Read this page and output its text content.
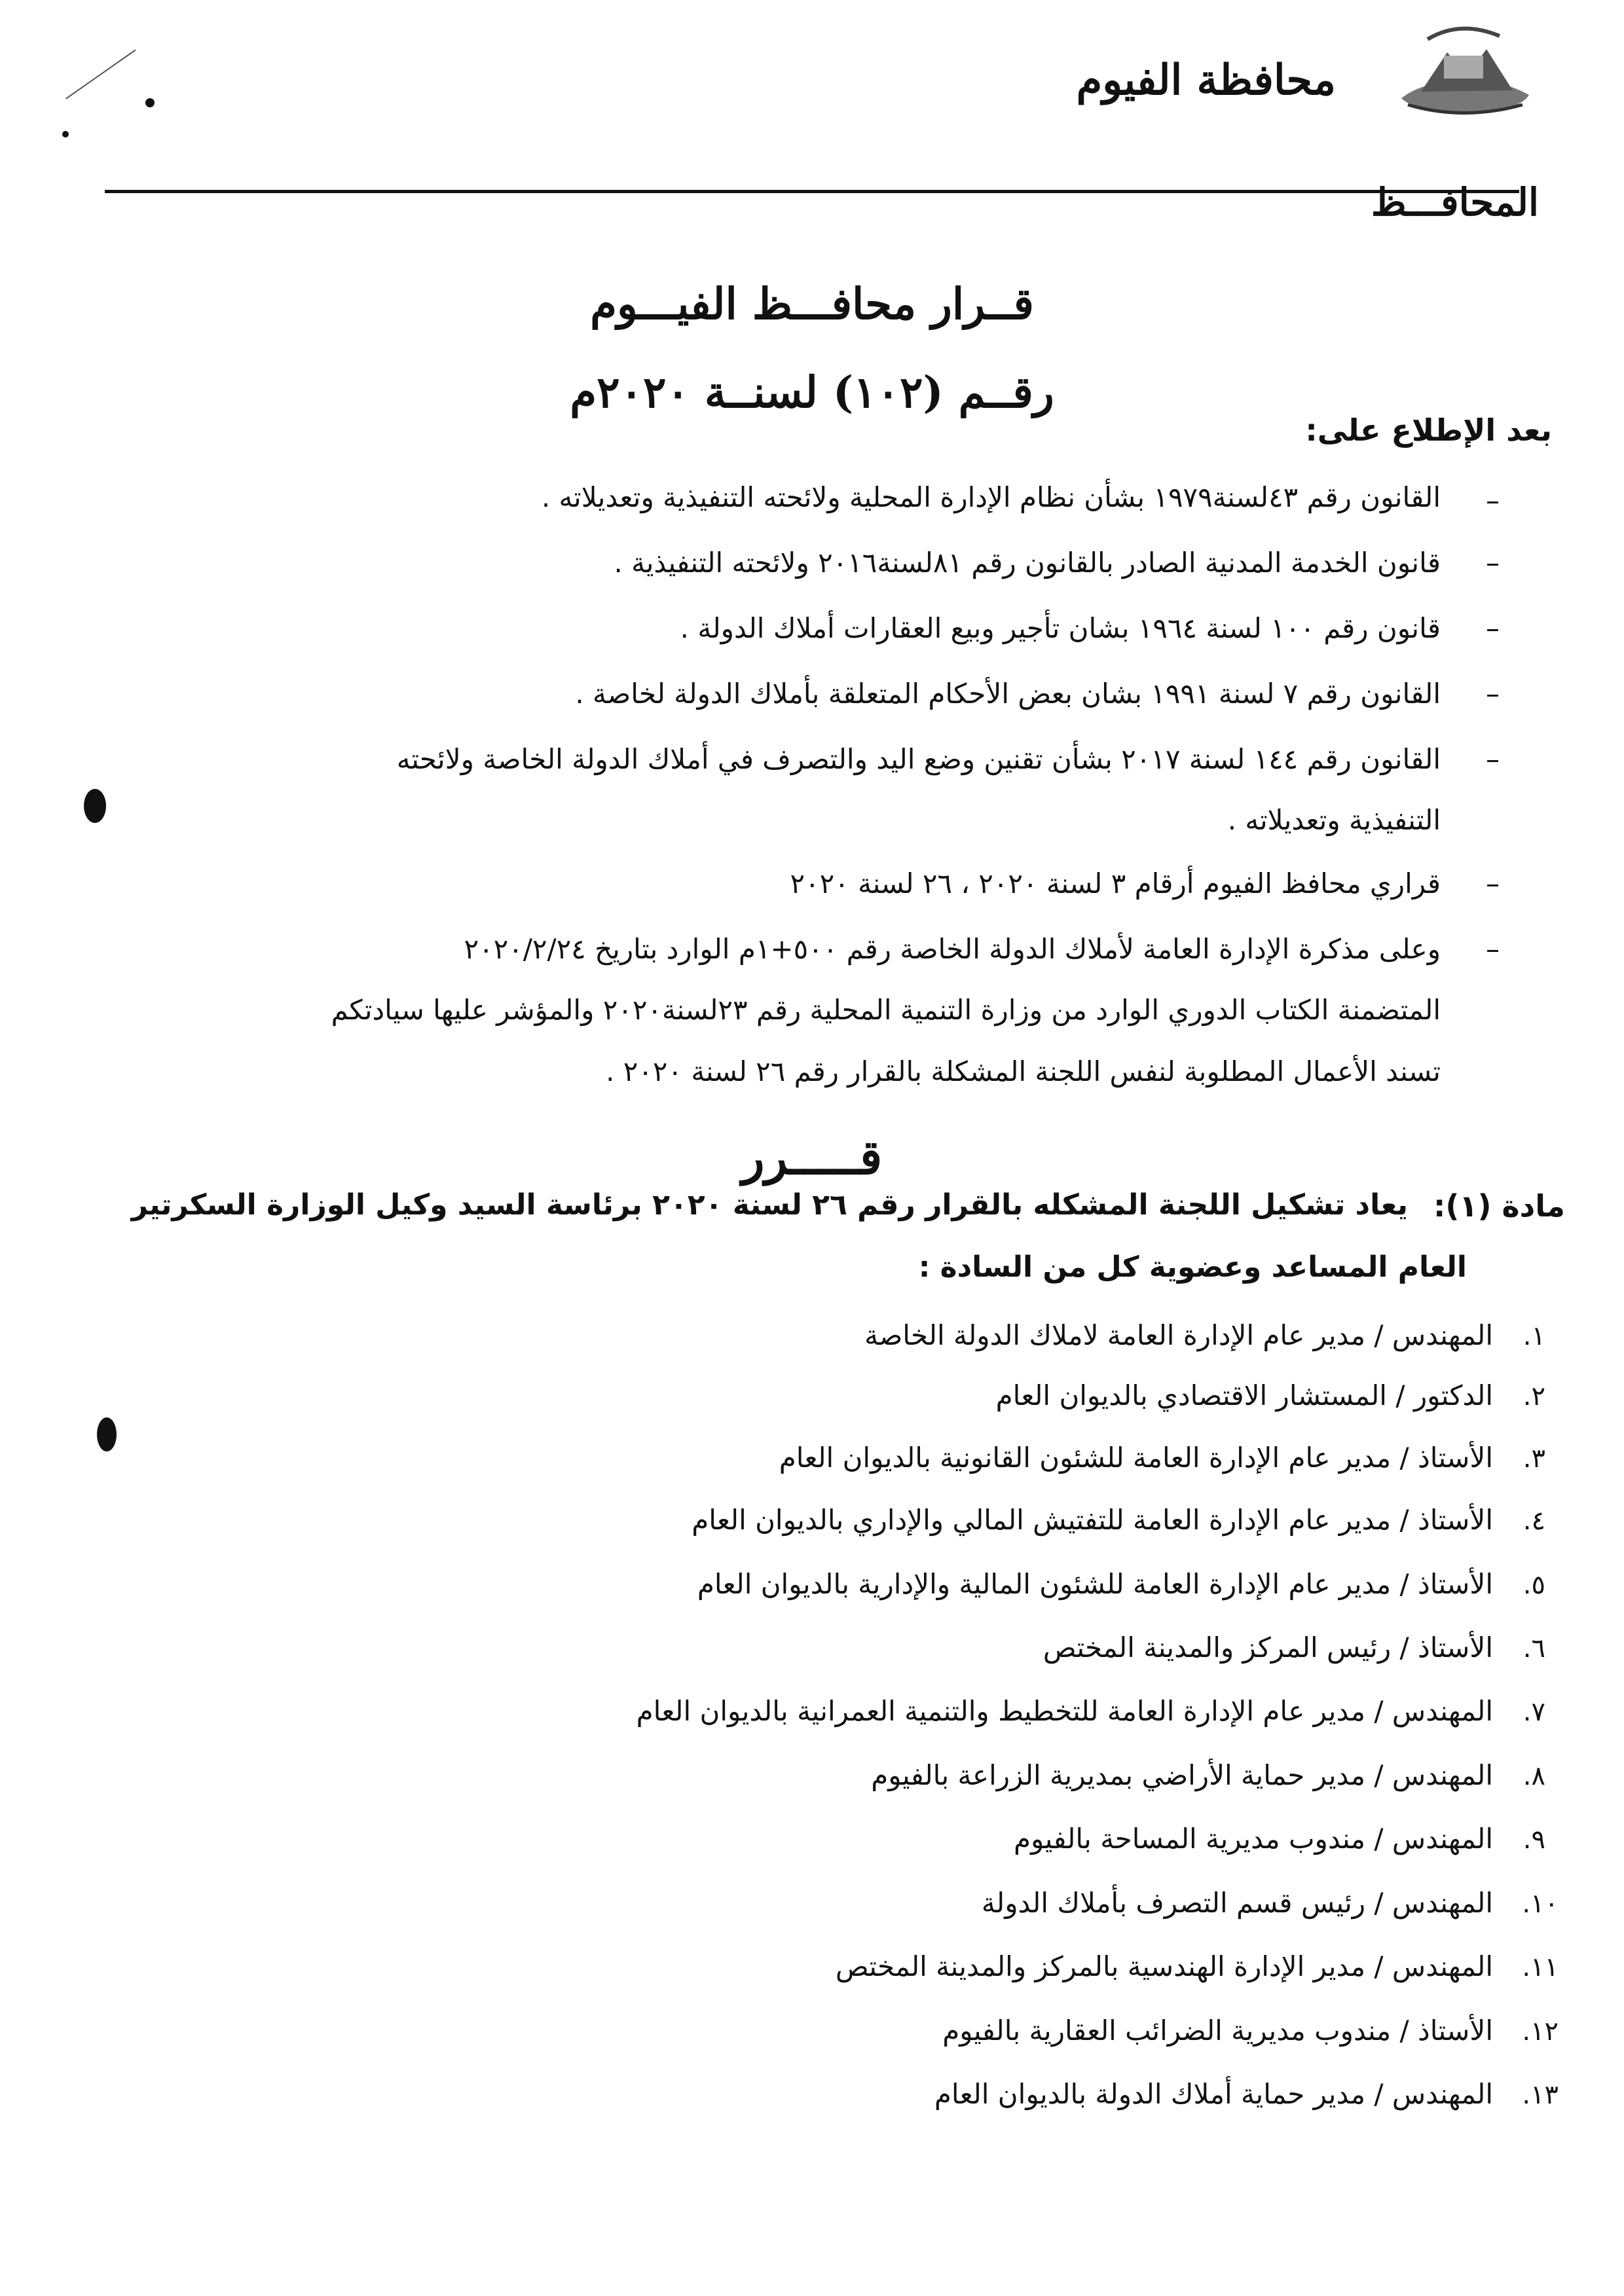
محافظة الفيوم
المحافـــظ
قــرار محافـــظ الفيـــوم
رقــم (١٠٢) لسنــة ٢٠٢٠م
بعد الإطلاع على:
–
القانون رقم ٤٣لسنة١٩٧٩ بشأن نظام الإدارة المحلية ولائحته التنفيذية وتعديلاته .
–
قانون الخدمة المدنية الصادر بالقانون رقم ٨١لسنة٢٠١٦ ولائحته التنفيذية .
–
قانون رقم ١٠٠ لسنة ١٩٦٤ بشان تأجير وبيع العقارات أملاك الدولة .
–
القانون رقم ٧ لسنة ١٩٩١ بشان بعض الأحكام المتعلقة بأملاك الدولة لخاصة .
–
القانون رقم ١٤٤ لسنة ٢٠١٧ بشأن تقنين وضع اليد والتصرف في أملاك الدولة الخاصة ولائحته
التنفيذية وتعديلاته .
–
قراري محافظ الفيوم أرقام ٣ لسنة ٢٠٢٠ ، ٢٦ لسنة ٢٠٢٠
–
وعلى مذكرة الإدارة العامة لأملاك الدولة الخاصة رقم ٥٠٠+١م الوارد بتاريخ ٢٠٢٠/٢/٢٤
المتضمنة الكتاب الدوري الوارد من وزارة التنمية المحلية رقم ٢٣لسنة٢٠٢٠ والمؤشر عليها سيادتكم
تسند الأعمال المطلوبة لنفس اللجنة المشكلة بالقرار رقم ٢٦ لسنة ٢٠٢٠ .
قـــــرر
مادة (١):
يعاد تشكيل اللجنة المشكله بالقرار رقم ٢٦ لسنة ٢٠٢٠ برئاسة السيد وكيل الوزارة السكرتير
العام المساعد وعضوية كل من السادة :
١.
المهندس / مدير عام الإدارة العامة لاملاك الدولة الخاصة
٢.
الدكتور / المستشار الاقتصادي بالديوان العام
٣.
الأستاذ / مدير عام الإدارة العامة للشئون القانونية بالديوان العام
٤.
الأستاذ / مدير عام الإدارة العامة للتفتيش المالي والإداري بالديوان العام
٥.
الأستاذ / مدير عام الإدارة العامة للشئون المالية والإدارية بالديوان العام
٦.
الأستاذ / رئيس المركز والمدينة المختص
٧.
المهندس / مدير عام الإدارة العامة للتخطيط والتنمية العمرانية بالديوان العام
٨.
المهندس / مدير حماية الأراضي بمديرية الزراعة بالفيوم
٩.
المهندس / مندوب مديرية المساحة بالفيوم
١٠.
المهندس / رئيس قسم التصرف بأملاك الدولة
١١.
المهندس / مدير الإدارة الهندسية بالمركز والمدينة المختص
١٢.
الأستاذ / مندوب مديرية الضرائب العقارية بالفيوم
١٣.
المهندس / مدير حماية أملاك الدولة بالديوان العام
